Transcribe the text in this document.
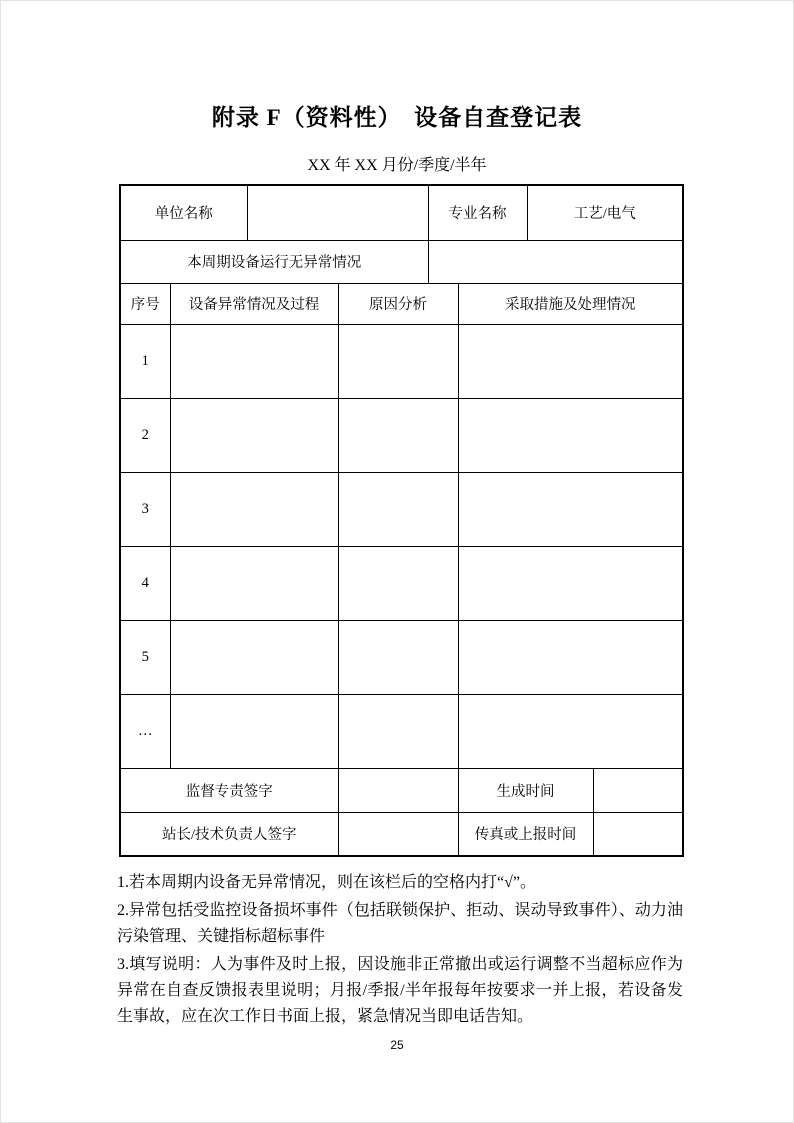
附录 F（资料性）　设备自查登记表
XX 年 XX 月份/季度/半年
单位名称				专业名称		工艺/电气	
本周期设备运行无异常情况							
序号	设备异常情况及过程		原因分析		采取措施及处理情况		
1							
2							
3							
4							
5							
…							
监督专责签字					生成时间		
站长/技术负责人签字					传真或上报时间		

1.若本周期内设备无异常情况，则在该栏后的空格内打“√”。

2.异常包括受监控设备损坏事件（包括联锁保护、拒动、误动导致事件）、动力油污染管理、关键指标超标事件

3.填写说明：人为事件及时上报，因设施非正常撤出或运行调整不当超标应作为异常在自查反馈报表里说明；月报/季报/半年报每年按要求一并上报，若设备发生事故，应在次工作日书面上报，紧急情况当即电话告知。

25
